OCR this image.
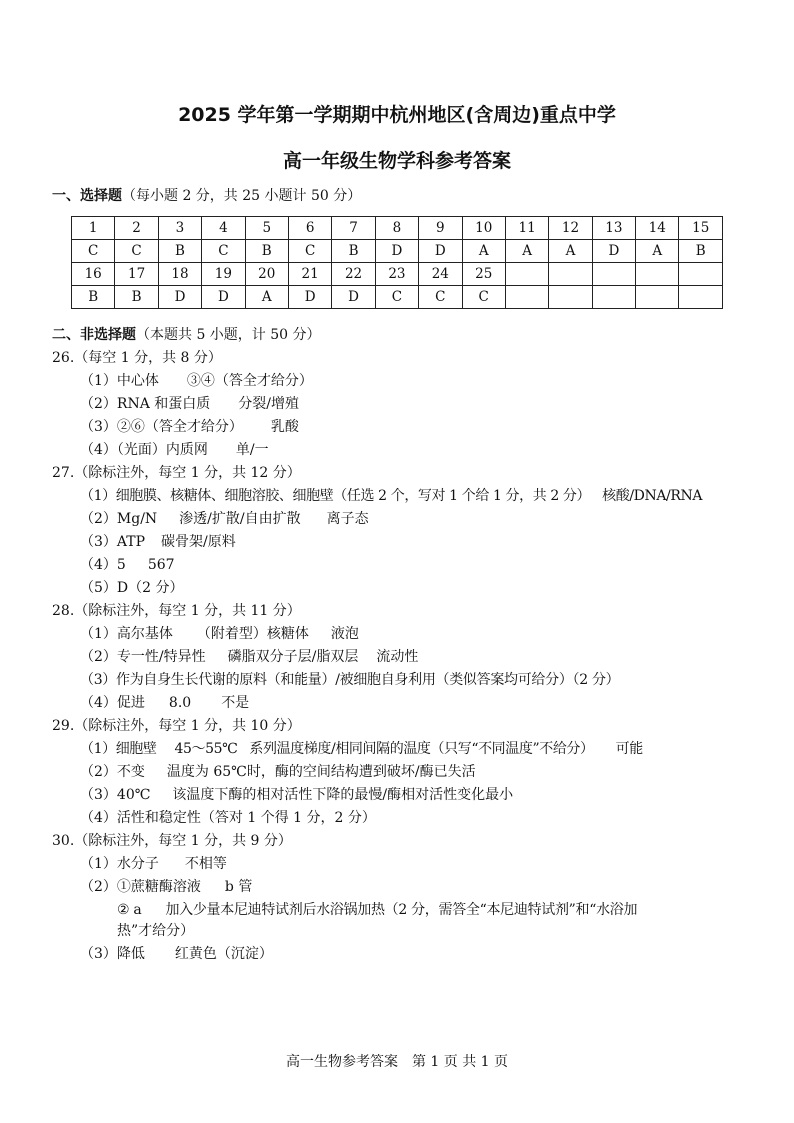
2025 学年第一学期期中杭州地区(含周边)重点中学
高一年级生物学科参考答案
一、选择题（每小题 2 分，共 25 小题计 50 分）
1	2	3	4	5	6	7	8	9	10	11	12	13	14	15
C	C	B	C	B	C	B	D	D	A	A	A	D	A	B
16	17	18	19	20	21	22	23	24	25					
B	B	D	D	A	D	D	C	C	C					
二、非选择题（本题共 5 小题，计 50 分）
26.（每空 1 分，共 8 分）
（1）中心体 ③④（答全才给分）
（2）RNA 和蛋白质 分裂/增殖
（3）②⑥（答全才给分） 乳酸
（4）（光面）内质网 单/一
27.（除标注外，每空 1 分，共 12 分）
（1）细胞膜、核糖体、细胞溶胶、细胞壁（任选 2 个，写对 1 个给 1 分，共 2 分） 核酸/DNA/RNA
（2）Mg/N 渗透/扩散/自由扩散 离子态
（3）ATP 碳骨架/原料
（4）5 567
（5）D（2 分）
28.（除标注外，每空 1 分，共 11 分）
（1）高尔基体 （附着型）核糖体 液泡
（2）专一性/特异性 磷脂双分子层/脂双层 流动性
（3）作为自身生长代谢的原料（和能量）/被细胞自身利用（类似答案均可给分）（2 分）
（4）促进 8.0 不是
29.（除标注外，每空 1 分，共 10 分）
（1）细胞壁 45～55℃ 系列温度梯度/相同间隔的温度（只写“不同温度”不给分） 可能
（2）不变 温度为 65℃时，酶的空间结构遭到破坏/酶已失活
（3）40℃ 该温度下酶的相对活性下降的最慢/酶相对活性变化最小
（4）活性和稳定性（答对 1 个得 1 分，2 分）
30.（除标注外，每空 1 分，共 9 分）
（1）水分子 不相等
（2）①蔗糖酶溶液 b 管
② a 加入少量本尼迪特试剂后水浴锅加热（2 分，需答全“本尼迪特试剂”和“水浴加
热”才给分）
（3）降低 红黄色（沉淀）
高一生物参考答案　第 1 页 共 1 页
